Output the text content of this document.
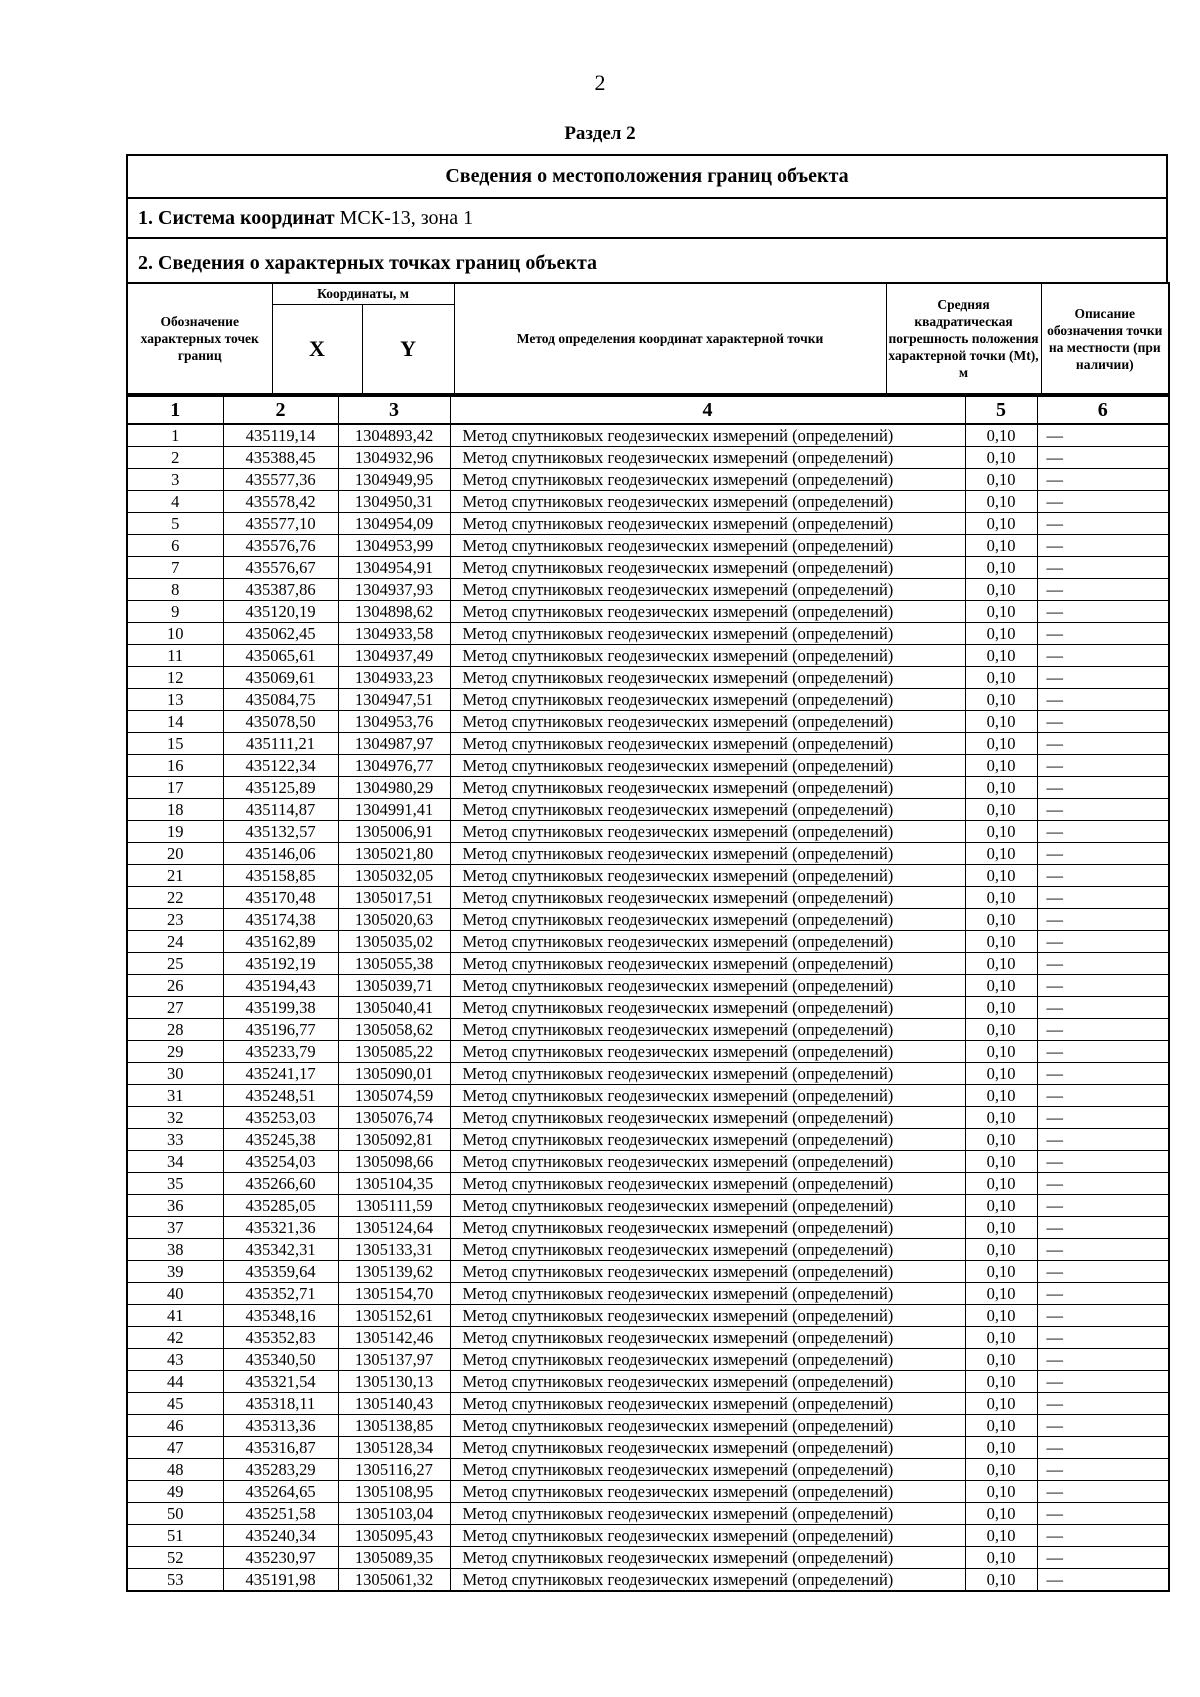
2
Раздел 2
Сведения о местоположения границ объекта
1. Система координат МСК-13, зона 1
2. Сведения о характерных точках границ объекта
Обозначение характерных точек границ	Координаты, м		Метод определения координат характерной точки	Средняя квадратическая погрешность положения характерной точки (Mt), м	Описание обозначения точки на местности (при наличии)
	X	Y			
1	2	3	4	5	6
1	435119,14	1304893,42	Метод спутниковых геодезических измерений (определений)	0,10	—
2	435388,45	1304932,96	Метод спутниковых геодезических измерений (определений)	0,10	—
3	435577,36	1304949,95	Метод спутниковых геодезических измерений (определений)	0,10	—
4	435578,42	1304950,31	Метод спутниковых геодезических измерений (определений)	0,10	—
5	435577,10	1304954,09	Метод спутниковых геодезических измерений (определений)	0,10	—
6	435576,76	1304953,99	Метод спутниковых геодезических измерений (определений)	0,10	—
7	435576,67	1304954,91	Метод спутниковых геодезических измерений (определений)	0,10	—
8	435387,86	1304937,93	Метод спутниковых геодезических измерений (определений)	0,10	—
9	435120,19	1304898,62	Метод спутниковых геодезических измерений (определений)	0,10	—
10	435062,45	1304933,58	Метод спутниковых геодезических измерений (определений)	0,10	—
11	435065,61	1304937,49	Метод спутниковых геодезических измерений (определений)	0,10	—
12	435069,61	1304933,23	Метод спутниковых геодезических измерений (определений)	0,10	—
13	435084,75	1304947,51	Метод спутниковых геодезических измерений (определений)	0,10	—
14	435078,50	1304953,76	Метод спутниковых геодезических измерений (определений)	0,10	—
15	435111,21	1304987,97	Метод спутниковых геодезических измерений (определений)	0,10	—
16	435122,34	1304976,77	Метод спутниковых геодезических измерений (определений)	0,10	—
17	435125,89	1304980,29	Метод спутниковых геодезических измерений (определений)	0,10	—
18	435114,87	1304991,41	Метод спутниковых геодезических измерений (определений)	0,10	—
19	435132,57	1305006,91	Метод спутниковых геодезических измерений (определений)	0,10	—
20	435146,06	1305021,80	Метод спутниковых геодезических измерений (определений)	0,10	—
21	435158,85	1305032,05	Метод спутниковых геодезических измерений (определений)	0,10	—
22	435170,48	1305017,51	Метод спутниковых геодезических измерений (определений)	0,10	—
23	435174,38	1305020,63	Метод спутниковых геодезических измерений (определений)	0,10	—
24	435162,89	1305035,02	Метод спутниковых геодезических измерений (определений)	0,10	—
25	435192,19	1305055,38	Метод спутниковых геодезических измерений (определений)	0,10	—
26	435194,43	1305039,71	Метод спутниковых геодезических измерений (определений)	0,10	—
27	435199,38	1305040,41	Метод спутниковых геодезических измерений (определений)	0,10	—
28	435196,77	1305058,62	Метод спутниковых геодезических измерений (определений)	0,10	—
29	435233,79	1305085,22	Метод спутниковых геодезических измерений (определений)	0,10	—
30	435241,17	1305090,01	Метод спутниковых геодезических измерений (определений)	0,10	—
31	435248,51	1305074,59	Метод спутниковых геодезических измерений (определений)	0,10	—
32	435253,03	1305076,74	Метод спутниковых геодезических измерений (определений)	0,10	—
33	435245,38	1305092,81	Метод спутниковых геодезических измерений (определений)	0,10	—
34	435254,03	1305098,66	Метод спутниковых геодезических измерений (определений)	0,10	—
35	435266,60	1305104,35	Метод спутниковых геодезических измерений (определений)	0,10	—
36	435285,05	1305111,59	Метод спутниковых геодезических измерений (определений)	0,10	—
37	435321,36	1305124,64	Метод спутниковых геодезических измерений (определений)	0,10	—
38	435342,31	1305133,31	Метод спутниковых геодезических измерений (определений)	0,10	—
39	435359,64	1305139,62	Метод спутниковых геодезических измерений (определений)	0,10	—
40	435352,71	1305154,70	Метод спутниковых геодезических измерений (определений)	0,10	—
41	435348,16	1305152,61	Метод спутниковых геодезических измерений (определений)	0,10	—
42	435352,83	1305142,46	Метод спутниковых геодезических измерений (определений)	0,10	—
43	435340,50	1305137,97	Метод спутниковых геодезических измерений (определений)	0,10	—
44	435321,54	1305130,13	Метод спутниковых геодезических измерений (определений)	0,10	—
45	435318,11	1305140,43	Метод спутниковых геодезических измерений (определений)	0,10	—
46	435313,36	1305138,85	Метод спутниковых геодезических измерений (определений)	0,10	—
47	435316,87	1305128,34	Метод спутниковых геодезических измерений (определений)	0,10	—
48	435283,29	1305116,27	Метод спутниковых геодезических измерений (определений)	0,10	—
49	435264,65	1305108,95	Метод спутниковых геодезических измерений (определений)	0,10	—
50	435251,58	1305103,04	Метод спутниковых геодезических измерений (определений)	0,10	—
51	435240,34	1305095,43	Метод спутниковых геодезических измерений (определений)	0,10	—
52	435230,97	1305089,35	Метод спутниковых геодезических измерений (определений)	0,10	—
53	435191,98	1305061,32	Метод спутниковых геодезических измерений (определений)	0,10	—
